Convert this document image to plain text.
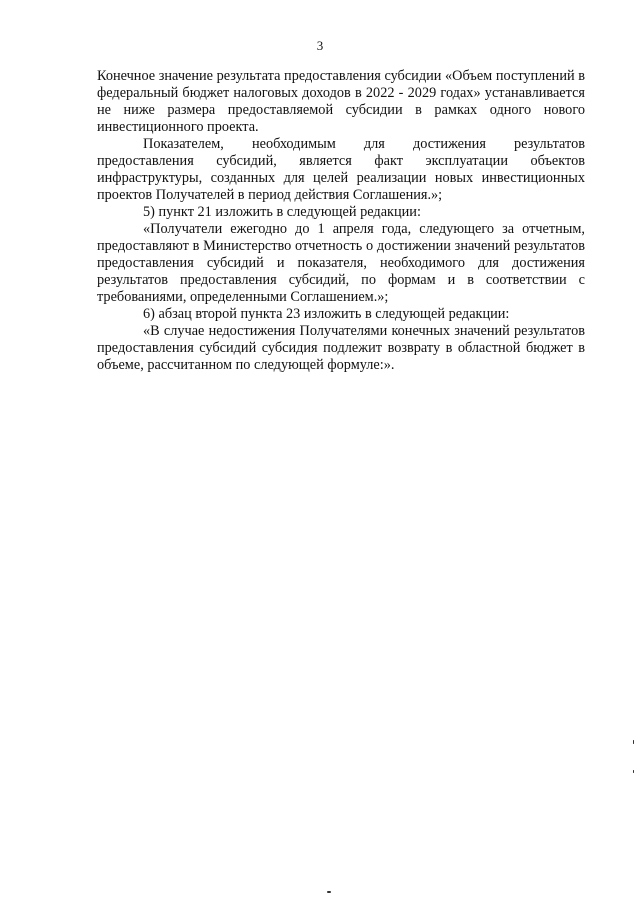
3

Конечное значение результата предоставления субсидии «Объем поступлений в федеральный бюджет налоговых доходов в 2022 - 2029 годах» устанавливается не ниже размера предоставляемой субсидии в рамках одного нового инвестиционного проекта.

Показателем, необходимым для достижения результатов предоставления субсидий, является факт эксплуатации объектов инфраструктуры, созданных для целей реализации новых инвестиционных проектов Получателей в период действия Соглашения.»;

5) пункт 21 изложить в следующей редакции:

«Получатели ежегодно до 1 апреля года, следующего за отчетным, предоставляют в Министерство отчетность о достижении значений результатов предоставления субсидий и показателя, необходимого для достижения результатов предоставления субсидий, по формам и в соответствии с требованиями, определенными Соглашением.»;

6) абзац второй пункта 23 изложить в следующей редакции:

«В случае недостижения Получателями конечных значений результатов предоставления субсидий субсидия подлежит возврату в областной бюджет в объеме, рассчитанном по следующей формуле:».
